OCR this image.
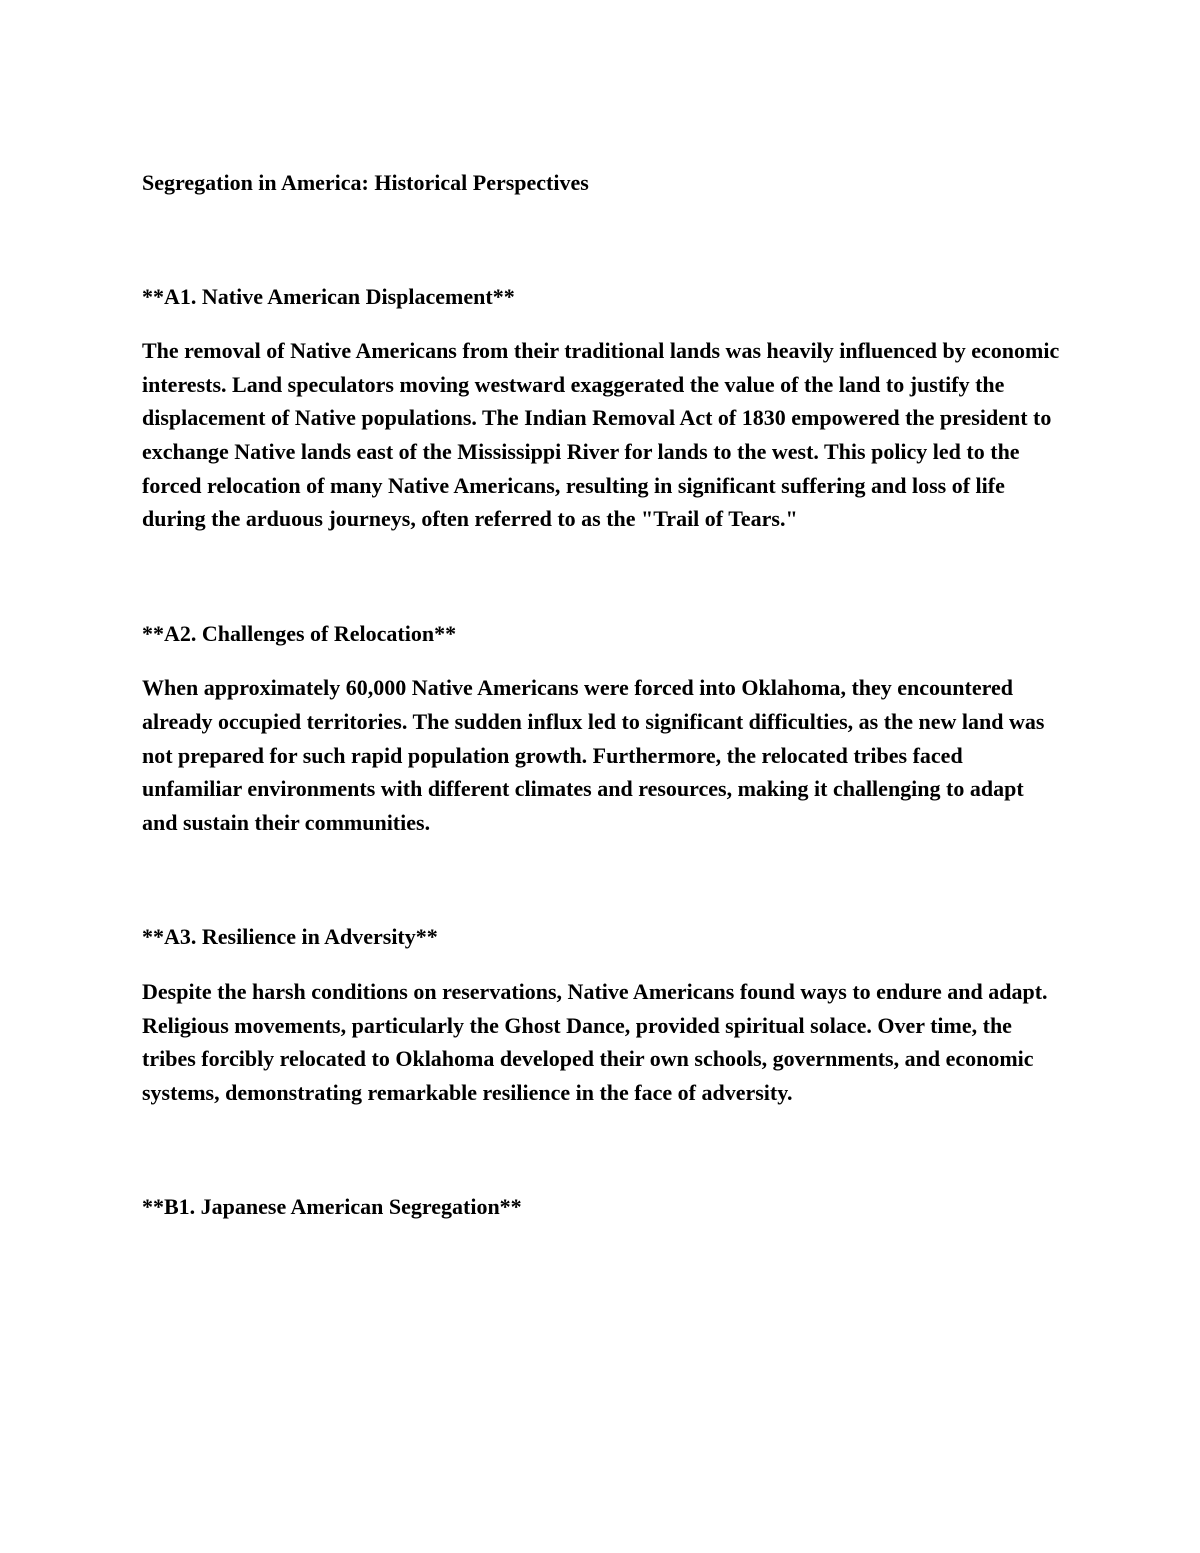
Segregation in America: Historical Perspectives

**A1. Native American Displacement**

The removal of Native Americans from their traditional lands was heavily influenced by economic interests. Land speculators moving westward exaggerated the value of the land to justify the displacement of Native populations. The Indian Removal Act of 1830 empowered the president to exchange Native lands east of the Mississippi River for lands to the west. This policy led to the forced relocation of many Native Americans, resulting in significant suffering and loss of life during the arduous journeys, often referred to as the "Trail of Tears."

**A2. Challenges of Relocation**

When approximately 60,000 Native Americans were forced into Oklahoma, they encountered already occupied territories. The sudden influx led to significant difficulties, as the new land was not prepared for such rapid population growth. Furthermore, the relocated tribes faced unfamiliar environments with different climates and resources, making it challenging to adapt and sustain their communities.

**A3. Resilience in Adversity**

Despite the harsh conditions on reservations, Native Americans found ways to endure and adapt. Religious movements, particularly the Ghost Dance, provided spiritual solace. Over time, the tribes forcibly relocated to Oklahoma developed their own schools, governments, and economic systems, demonstrating remarkable resilience in the face of adversity.

**B1. Japanese American Segregation**
